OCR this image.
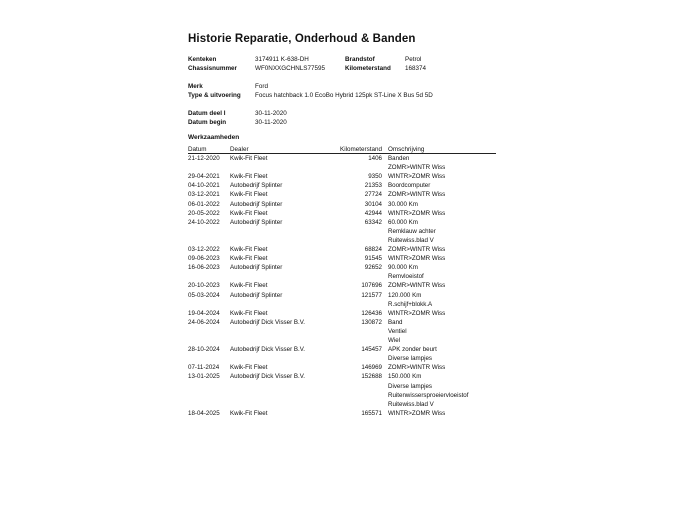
Historie Reparatie, Onderhoud & Banden
Kenteken	3174911 K-638-DH
Chassisnummer	WF0NXXGCHNLS77595
Brandstof	Petrol
Kilometerstand 168374
Merk	Ford
Type & uitvoering Focus hatchback 1.0 EcoBo Hybrid 125pk ST-Line X Bus 5d 5D
Datum deel I	30-11-2020
Datum begin	30-11-2020
Werkzaamheden
Datum	Dealer	Kilometerstand Omschrijving
21-12-2020 Kwik-Fit Fleet	1406 Banden
ZOMR>WINTR Wiss
29-04-2021 Kwik-Fit Fleet	9350 WINTR>ZOMR Wiss
04-10-2021 Autobedrijf Splinter	21353 Boordcomputer
03-12-2021 Kwik-Fit Fleet	27724 ZOMR>WINTR Wiss
06-01-2022 Autobedrijf Splinter	30104 30.000 Km
20-05-2022 Kwik-Fit Fleet	42944 WINTR>ZOMR Wiss
24-10-2022 Autobedrijf Splinter	63342 60.000 Km
Remklauw achter
Ruitewiss.blad V
03-12-2022 Kwik-Fit Fleet	68824 ZOMR>WINTR Wiss
09-06-2023 Kwik-Fit Fleet	91545 WINTR>ZOMR Wiss
16-06-2023 Autobedrijf Splinter	92652 90.000 Km
Remvloeistof
20-10-2023 Kwik-Fit Fleet	107696 ZOMR>WINTR Wiss
05-03-2024 Autobedrijf Splinter	121577 120.000 Km
R.schijf+blokk.A
19-04-2024 Kwik-Fit Fleet	126436 WINTR>ZOMR Wiss
24-06-2024 Autobedrijf Dick Visser B.V.	130872 Band
Ventiel
Wiel
28-10-2024 Autobedrijf Dick Visser B.V.	145457 APK zonder beurt
Diverse lampjes
07-11-2024 Kwik-Fit Fleet	146969 ZOMR>WINTR Wiss
13-01-2025 Autobedrijf Dick Visser B.V.	152688 150.000 Km
Diverse lampjes
Ruitenwissersproeiervloeistof
Ruitewiss.blad V
18-04-2025 Kwik-Fit Fleet	165571 WINTR>ZOMR Wiss
